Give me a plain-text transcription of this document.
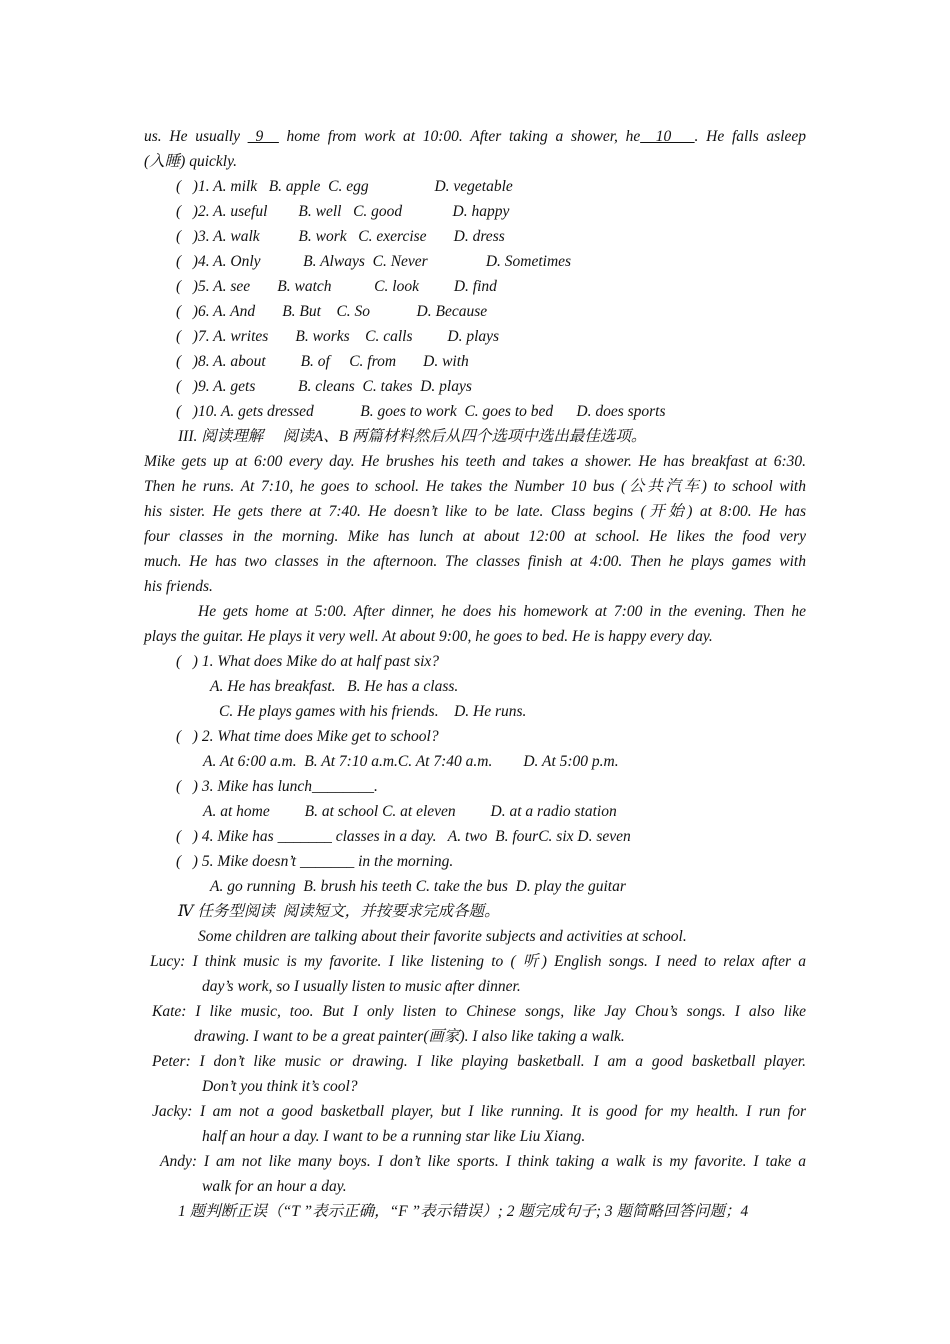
us. He usually _9__ home from work at 10:00. After taking a shower, he__10___. He falls asleep
(入睡) quickly.
(   )1. A. milk   B. apple  C. egg                 D. vegetable
(   )2. A. useful        B. well   C. good             D. happy
(   )3. A. walk          B. work   C. exercise       D. dress
(   )4. A. Only           B. Always  C. Never               D. Sometimes
(   )5. A. see       B. watch           C. look         D. find
(   )6. A. And       B. But    C. So            D. Because
(   )7. A. writes       B. works    C. calls         D. plays
(   )8. A. about         B. of     C. from       D. with
(   )9. A. gets           B. cleans  C. takes  D. plays
(   )10. A. gets dressed            B. goes to work  C. goes to bed      D. does sports
III. 阅读理解     阅读A、B 两篇材料然后从四个选项中选出最佳选项。
Mike gets up at 6:00 every day. He brushes his teeth and takes a shower. He has breakfast at 6:30.
Then he runs. At 7:10, he goes to school. He takes the Number 10 bus (公共汽车) to school with
his sister. He gets there at 7:40. He doesn’t like to be late. Class begins (开始) at 8:00. He has
four classes in the morning. Mike has lunch at about 12:00 at school. He likes the food very
much. He has two classes in the afternoon. The classes finish at 4:00. Then he plays games with
his friends.
He gets home at 5:00. After dinner, he does his homework at 7:00 in the evening. Then he
plays the guitar. He plays it very well. At about 9:00, he goes to bed. He is happy every day.
(   ) 1. What does Mike do at half past six?
A. He has breakfast.   B. He has a class.
C. He plays games with his friends.    D. He runs.
(   ) 2. What time does Mike get to school?
A. At 6:00 a.m.  B. At 7:10 a.m.C. At 7:40 a.m.        D. At 5:00 p.m.
(   ) 3. Mike has lunch________.
A. at home         B. at school C. at eleven         D. at a radio station
(   ) 4. Mike has _______ classes in a day.   A. two  B. fourC. six D. seven
(   ) 5. Mike doesn’t _______ in the morning.
A. go running  B. brush his teeth C. take the bus  D. play the guitar
Ⅳ 任务型阅读  阅读短文，并按要求完成各题。
Some children are talking about their favorite subjects and activities at school.
Lucy: I think music is my favorite. I like listening to ( 听) English songs. I need to relax after a
day’s work, so I usually listen to music after dinner.
Kate: I like music, too. But I only listen to Chinese songs, like Jay Chou’s songs. I also like
drawing. I want to be a great painter(画家). I also like taking a walk.
Peter: I don’t like music or drawing. I like playing basketball. I am a good basketball player.
Don’t you think it’s cool?
Jacky: I am not a good basketball player, but I like running. It is good for my health. I run for
half an hour a day. I want to be a running star like Liu Xiang.
Andy: I am not like many boys. I don’t like sports. I think taking a walk is my favorite. I take a
walk for an hour a day.
1 题判断正误（“T ”表示正确，“F ”表示错误）; 2 题完成句子; 3 题简略回答问题；4
